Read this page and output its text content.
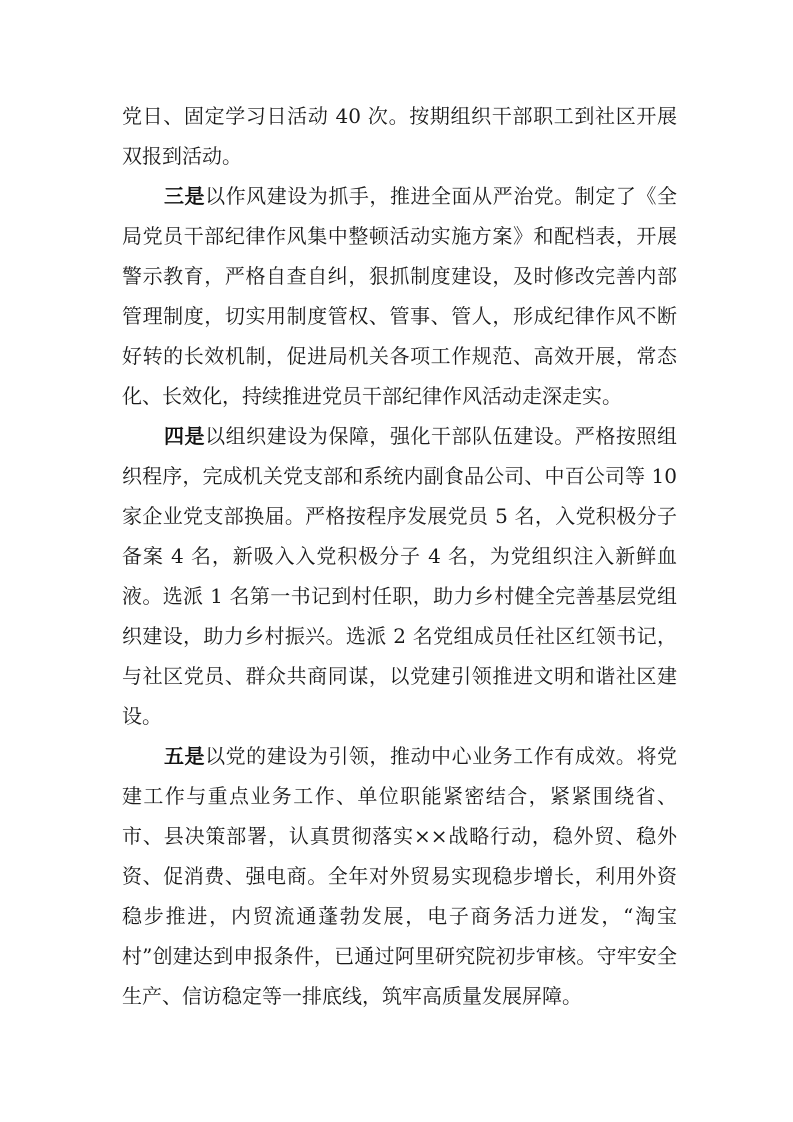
党日、固定学习日活动 40 次。按期组织干部职工到社区开展双报到活动。

三是以作风建设为抓手，推进全面从严治党。制定了《全局党员干部纪律作风集中整顿活动实施方案》和配档表，开展警示教育，严格自查自纠，狠抓制度建设，及时修改完善内部管理制度，切实用制度管权、管事、管人，形成纪律作风不断好转的长效机制，促进局机关各项工作规范、高效开展，常态化、长效化，持续推进党员干部纪律作风活动走深走实。

四是以组织建设为保障，强化干部队伍建设。严格按照组织程序，完成机关党支部和系统内副食品公司、中百公司等 10 家企业党支部换届。严格按程序发展党员 5 名，入党积极分子备案 4 名，新吸入入党积极分子 4 名，为党组织注入新鲜血液。选派 1 名第一书记到村任职，助力乡村健全完善基层党组织建设，助力乡村振兴。选派 2 名党组成员任社区红领书记，与社区党员、群众共商同谋，以党建引领推进文明和谐社区建设。

五是以党的建设为引领，推动中心业务工作有成效。将党建工作与重点业务工作、单位职能紧密结合，紧紧围绕省、市、县决策部署，认真贯彻落实××战略行动，稳外贸、稳外资、促消费、强电商。全年对外贸易实现稳步增长，利用外资稳步推进，内贸流通蓬勃发展，电子商务活力迸发，“淘宝村”创建达到申报条件，已通过阿里研究院初步审核。守牢安全生产、信访稳定等一排底线，筑牢高质量发展屏障。
